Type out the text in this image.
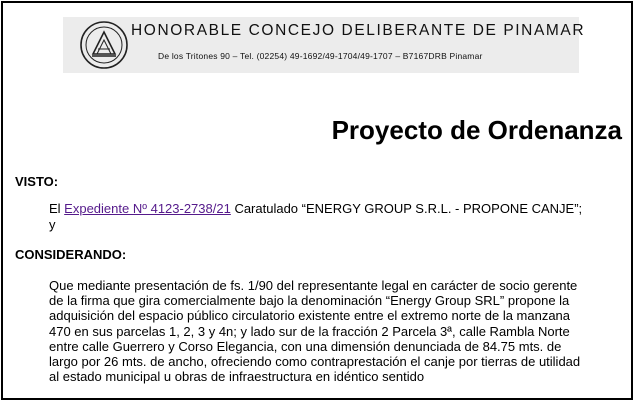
HONORABLE CONCEJO DELIBERANTE DE PINAMAR
De los Tritones 90 – Tel. (02254) 49-1692/49-1704/49-1707 – B7167DRB Pinamar
Proyecto de Ordenanza
VISTO:
El Expediente Nº 4123-2738/21 Caratulado “ENERGY GROUP S.R.L. - PROPONE CANJE”;
y
CONSIDERANDO:
Que mediante presentación de fs. 1/90 del representante legal en carácter de socio gerente
de la firma que gira comercialmente bajo la denominación “Energy Group SRL” propone la
adquisición del espacio público circulatorio existente entre el extremo norte de la manzana
470 en sus parcelas 1, 2, 3 y 4n; y lado sur de la fracción 2 Parcela 3ª, calle Rambla Norte
entre calle Guerrero y Corso Elegancia, con una dimensión denunciada de 84.75 mts. de
largo por 26 mts. de ancho, ofreciendo como contraprestación el canje por tierras de utilidad
al estado municipal u obras de infraestructura en idéntico sentido
